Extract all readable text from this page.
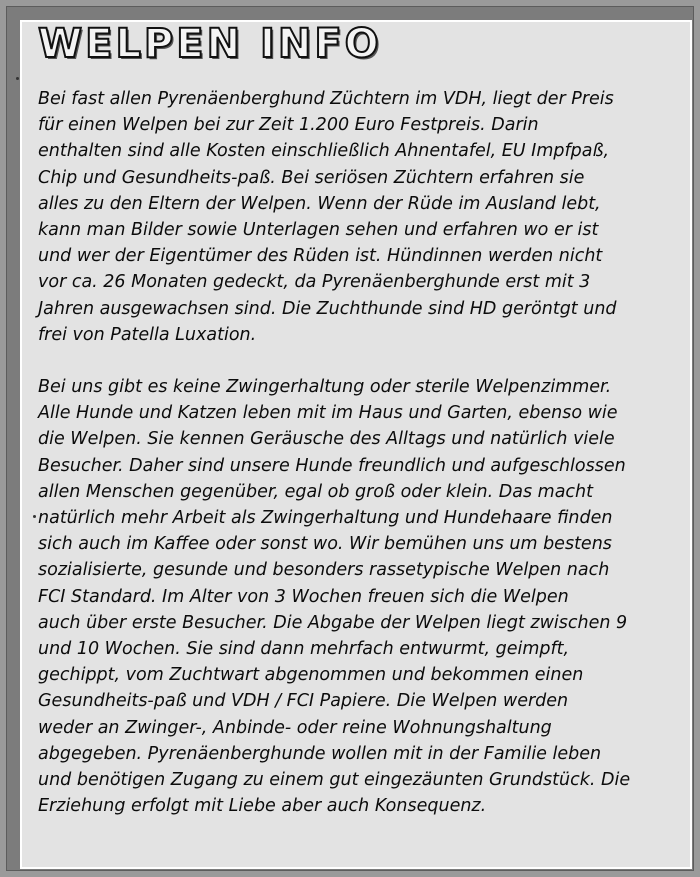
WELPEN INFO

Bei fast allen Pyrenäenberghund Züchtern im VDH, liegt der Preis
für einen Welpen bei zur Zeit 1.200 Euro Festpreis. Darin
enthalten sind alle Kosten einschließlich Ahnentafel, EU Impfpaß,
Chip und Gesundheits-paß. Bei seriösen Züchtern erfahren sie
alles zu den Eltern der Welpen. Wenn der Rüde im Ausland lebt,
kann man Bilder sowie Unterlagen sehen und erfahren wo er ist
und wer der Eigentümer des Rüden ist. Hündinnen werden nicht
vor ca. 26 Monaten gedeckt, da Pyrenäenberghunde erst mit 3
Jahren ausgewachsen sind. Die Zuchthunde sind HD geröntgt und
frei von Patella Luxation.

Bei uns gibt es keine Zwingerhaltung oder sterile Welpenzimmer.
Alle Hunde und Katzen leben mit im Haus und Garten, ebenso wie
die Welpen. Sie kennen Geräusche des Alltags und natürlich viele
Besucher. Daher sind unsere Hunde freundlich und aufgeschlossen
allen Menschen gegenüber, egal ob groß oder klein. Das macht
natürlich mehr Arbeit als Zwingerhaltung und Hundehaare finden
sich auch im Kaffee oder sonst wo. Wir bemühen uns um bestens
sozialisierte, gesunde und besonders rassetypische Welpen nach
FCI Standard. Im Alter von 3 Wochen freuen sich die Welpen
auch über erste Besucher. Die Abgabe der Welpen liegt zwischen 9
und 10 Wochen. Sie sind dann mehrfach entwurmt, geimpft,
gechippt, vom Zuchtwart abgenommen und bekommen einen
Gesundheits-paß und VDH / FCI Papiere. Die Welpen werden
weder an Zwinger-, Anbinde- oder reine Wohnungshaltung
abgegeben. Pyrenäenberghunde wollen mit in der Familie leben
und benötigen Zugang zu einem gut eingezäunten Grundstück. Die
Erziehung erfolgt mit Liebe aber auch Konsequenz.
